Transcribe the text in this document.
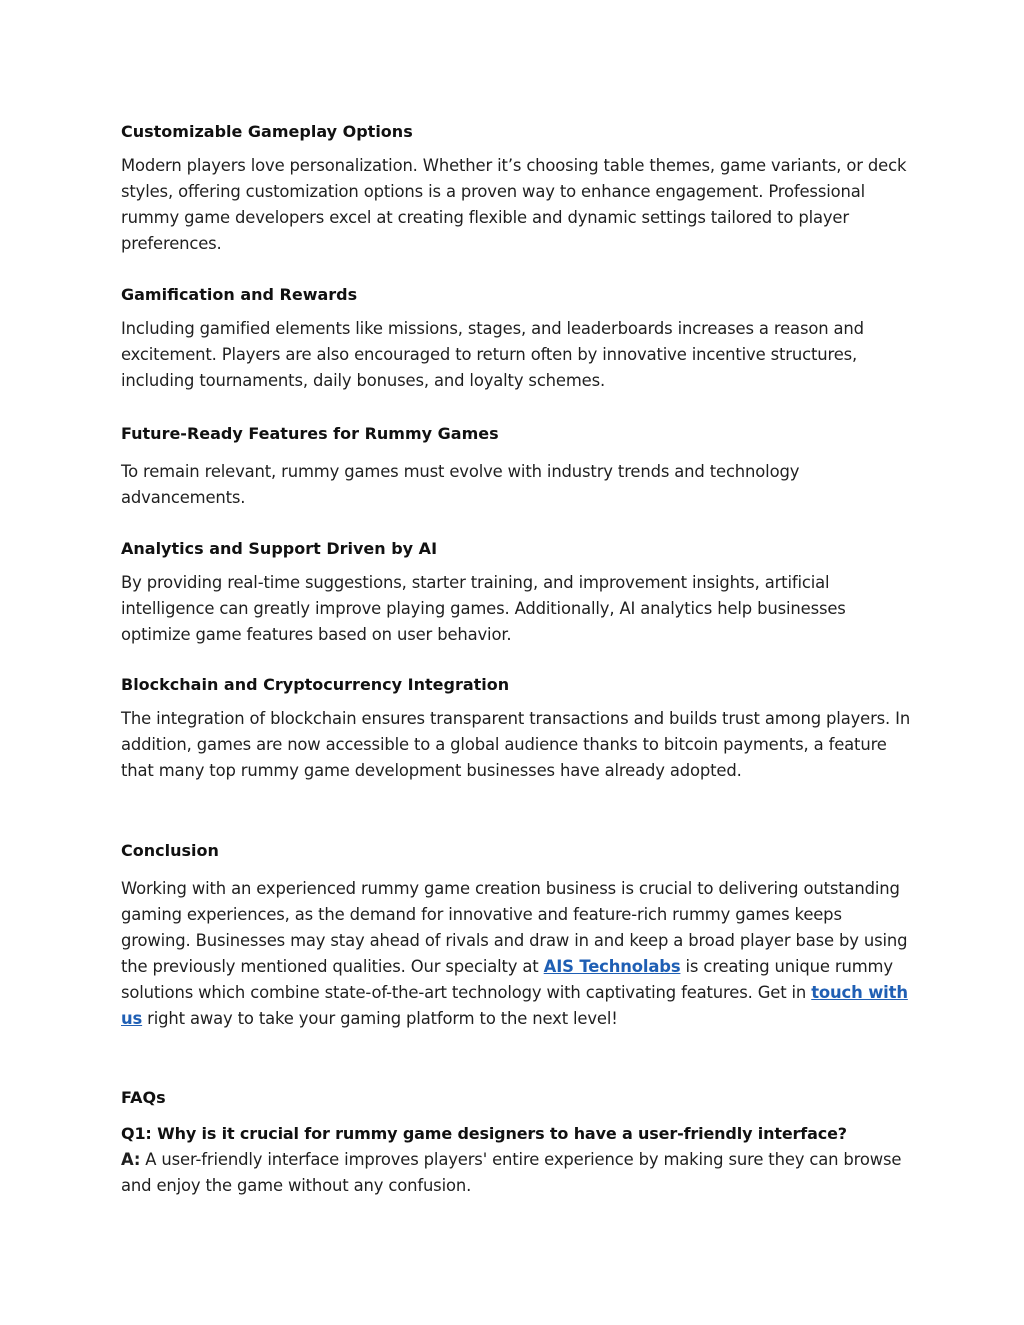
Customizable Gameplay Options

Modern players love personalization. Whether it’s choosing table themes, game variants, or deck styles, offering customization options is a proven way to enhance engagement. Professional rummy game developers excel at creating flexible and dynamic settings tailored to player preferences.

Gamification and Rewards

Including gamified elements like missions, stages, and leaderboards increases a reason and excitement. Players are also encouraged to return often by innovative incentive structures, including tournaments, daily bonuses, and loyalty schemes.

Future-Ready Features for Rummy Games

To remain relevant, rummy games must evolve with industry trends and technology advancements.

Analytics and Support Driven by AI

By providing real-time suggestions, starter training, and improvement insights, artificial intelligence can greatly improve playing games. Additionally, AI analytics help businesses optimize game features based on user behavior.

Blockchain and Cryptocurrency Integration

The integration of blockchain ensures transparent transactions and builds trust among players. In addition, games are now accessible to a global audience thanks to bitcoin payments, a feature that many top rummy game development businesses have already adopted.

Conclusion

Working with an experienced rummy game creation business is crucial to delivering outstanding gaming experiences, as the demand for innovative and feature-rich rummy games keeps growing. Businesses may stay ahead of rivals and draw in and keep a broad player base by using the previously mentioned qualities. Our specialty at AIS Technolabs is creating unique rummy solutions which combine state-of-the-art technology with captivating features. Get in touch with us right away to take your gaming platform to the next level!

FAQs

Q1: Why is it crucial for rummy game designers to have a user-friendly interface?

A: A user-friendly interface improves players' entire experience by making sure they can browse and enjoy the game without any confusion.
